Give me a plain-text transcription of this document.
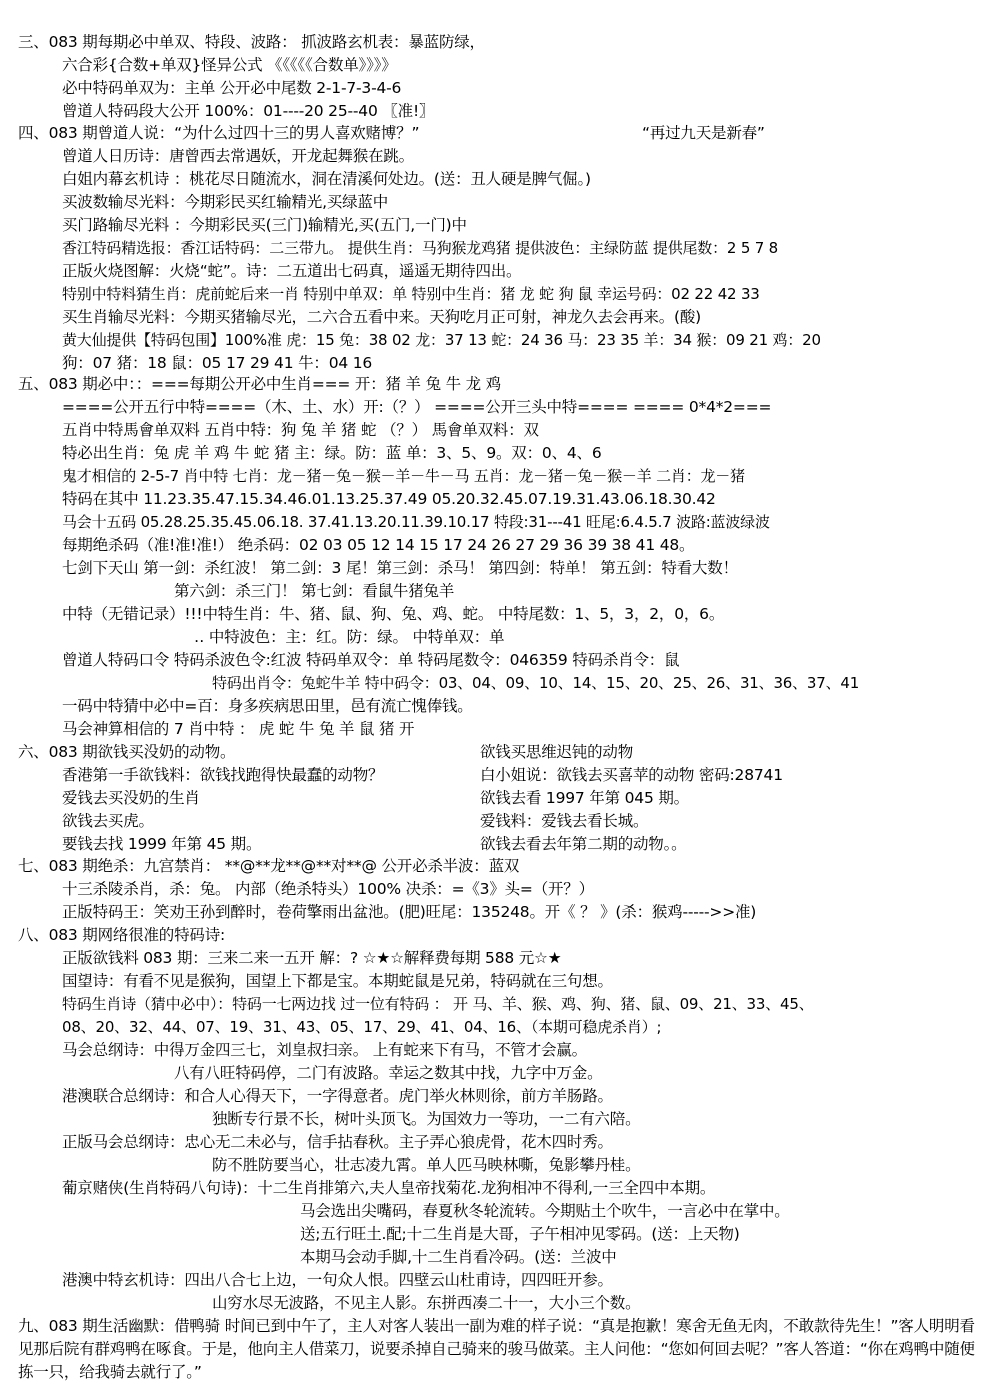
三、083 期每期必中单双、特段、波路： 抓波路玄机表：暴蓝防绿，
六合彩{合数+单双}怪异公式 《《《《《合数单》》》》
必中特码单双为：主单 公开必中尾数 2-1-7-3-4-6
曾道人特码段大公开 100%：01----20 25--40 〖准!〗
四、083 期曾道人说：“为什么过四十三的男人喜欢赌博？”	“再过九天是新春”
曾道人日历诗：唐曾西去常遇妖，开龙起舞猴在跳。
白姐内幕玄机诗 ：桃花尽日随流水，洞在清溪何处边。(送：丑人硬是脾气倔。)
买波数输尽光料：今期彩民买红输精光,买绿蓝中
买门路输尽光料 ：今期彩民买(三门)输精光,买(五门,一门)中
香江特码精选报：香江话特码：二三带九。 提供生肖：马狗猴龙鸡猪 提供波色：主绿防蓝 提供尾数：2 5 7 8
正版火烧图解：火烧“蛇”。诗：二五道出七码真，遥遥无期待四出。
特别中特料猜生肖：虎前蛇后来一肖 特别中单双：单 特别中生肖：猪 龙 蛇 狗 鼠 幸运号码：02 22 42 33
买生肖输尽光料：今期买猪输尽光，二六合五看中来。天狗吃月正可射，神龙久去会再来。(酸)
黄大仙提供【特码包围】100%准 虎：15 兔：38 02 龙：37 13 蛇：24 36 马：23 35 羊：34 猴：09 21 鸡：20
狗：07 猪：18 鼠：05 17 29 41 牛：04 16
五、083 期必中：：===每期公开必中生肖=== 开：猪 羊 兔 牛 龙 鸡
====公开五行中特====（木、土、水）开:（？） ====公开三头中特==== ==== 0*4*2===
五肖中特馬會单双料 五肖中特：狗 兔 羊 猪 蛇 （？） 馬會单双料：双
特必出生肖：兔 虎 羊 鸡 牛 蛇 猪 主：绿。防：蓝 单：3、5、9。双：0、4、6
鬼才相信的 2-5-7 肖中特 七肖：龙－猪－兔－猴－羊－牛－马 五肖：龙－猪－兔－猴－羊 二肖：龙－猪
特码在其中 11.23.35.47.15.34.46.01.13.25.37.49 05.20.32.45.07.19.31.43.06.18.30.42
马会十五码 05.28.25.35.45.06.18. 37.41.13.20.11.39.10.17 特段:31---41 旺尾:6.4.5.7 波路:蓝波绿波
每期绝杀码（准!准!准!） 绝杀码：02 03 05 12 14 15 17 24 26 27 29 36 39 38 41 48。
七剑下天山 第一剑：杀红波！ 第二剑：3 尾！第三剑：杀马！ 第四剑：特单！ 第五剑：特看大数！
第六剑：杀三门！ 第七剑：看鼠牛猪兔羊
中特（无错记录）!!!中特生肖：牛、猪、鼠、狗、兔、鸡、蛇。 中特尾数：1、5，3，2，0，6。
‥ 中特波色：主：红。防：绿。 中特单双：单
曾道人特码口令 特码杀波色令:红波 特码单双令：单 特码尾数令：046359 特码杀肖令：鼠
特码出肖令：兔蛇牛羊 特中码令：03、04、09、10、14、15、20、25、26、31、36、37、41
一码中特猜中必中=百：身多疾病思田里，邑有流亡愧俸钱。
马会神算相信的 7 肖中特 ： 虎 蛇 牛 兔 羊 鼠 猪 开
六、083 期欲钱买没奶的动物。	欲钱买思维迟钝的动物
香港第一手欲钱料：欲钱找跑得快最蠢的动物？	白小姐说：欲钱去买喜苹的动物 密码:28741
爱钱去买没奶的生肖	欲钱去看 1997 年第 045 期。
欲钱去买虎。	爱钱料：爱钱去看长城。
要钱去找 1999 年第 45 期。	欲钱去看去年第二期的动物。。
七、083 期绝杀：九宫禁肖： **@**龙**@**对**@ 公开必杀半波：蓝双
十三杀陵杀肖，杀：兔。 内部（绝杀特头）100% 决杀：=《3》头=（开？）
正版特码王：笑劝王孙到醉时，卷荷擎雨出盆池。(肥)旺尾：135248。开《 ？ 》(杀：猴鸡----->>准)
八、083 期网络很准的特码诗:
正版欲钱料 083 期：三来二来一五开 解：? ☆★☆解释费每期 588 元☆★
国望诗：有看不见是猴狗，国望上下都是宝。本期蛇鼠是兄弟，特码就在三句想。
特码生肖诗（猜中必中）：特码一七两边找 过一位有特码 ： 开 马、羊、猴、鸡、狗、猪、鼠、09、21、33、45、
08、20、32、44、07、19、31、43、05、17、29、41、04、16、（本期可稳虎杀肖）;
马会总纲诗：中得万金四三七，刘皇叔扫亲。 上有蛇来下有马，不管才会赢。
八有八旺特码停，二门有波路。幸运之数其中找，九字中万金。
港澳联合总纲诗：和合人心得天下，一字得意者。虎门举火林则徐，前方羊肠路。
独断专行景不长，树叶头顶飞。为国效力一等功，一二有六陪。
正版马会总纲诗：忠心无二未必与，信手拈春秋。主子弄心狼虎骨，花木四时秀。
防不胜防要当心，壮志凌九霄。单人匹马映林嘶，兔影攀丹桂。
葡京赌侠(生肖特码八句诗)：十二生肖排第六,夫人皇帝找菊花.龙狗相冲不得利,一三全四中本期。
马会选出尖嘴码，春夏秋冬轮流转。今期贴土个吹牛，一言必中在掌中。
送;五行旺土.配;十二生肖是大哥，子午相冲见零码。(送：上天物)
本期马会动手脚,十二生肖看冷码。(送：兰波中
港澳中特玄机诗：四出八合七上边，一句众人恨。四壁云山杜甫诗，四四旺开参。
山穷水尽无波路，不见主人影。东拼西凑二十一，大小三个数。
九、083 期生活幽默：借鸭骑 时间已到中午了，主人对客人装出一副为难的样子说：“真是抱歉！寒舍无鱼无肉，不敢款待先生！”客人明明看见那后院有群鸡鸭在啄食。于是，他向主人借菜刀，说要杀掉自己骑来的骏马做菜。主人问他：“您如何回去呢？”客人答道：“你在鸡鸭中随便拣一只，给我骑去就行了。”
